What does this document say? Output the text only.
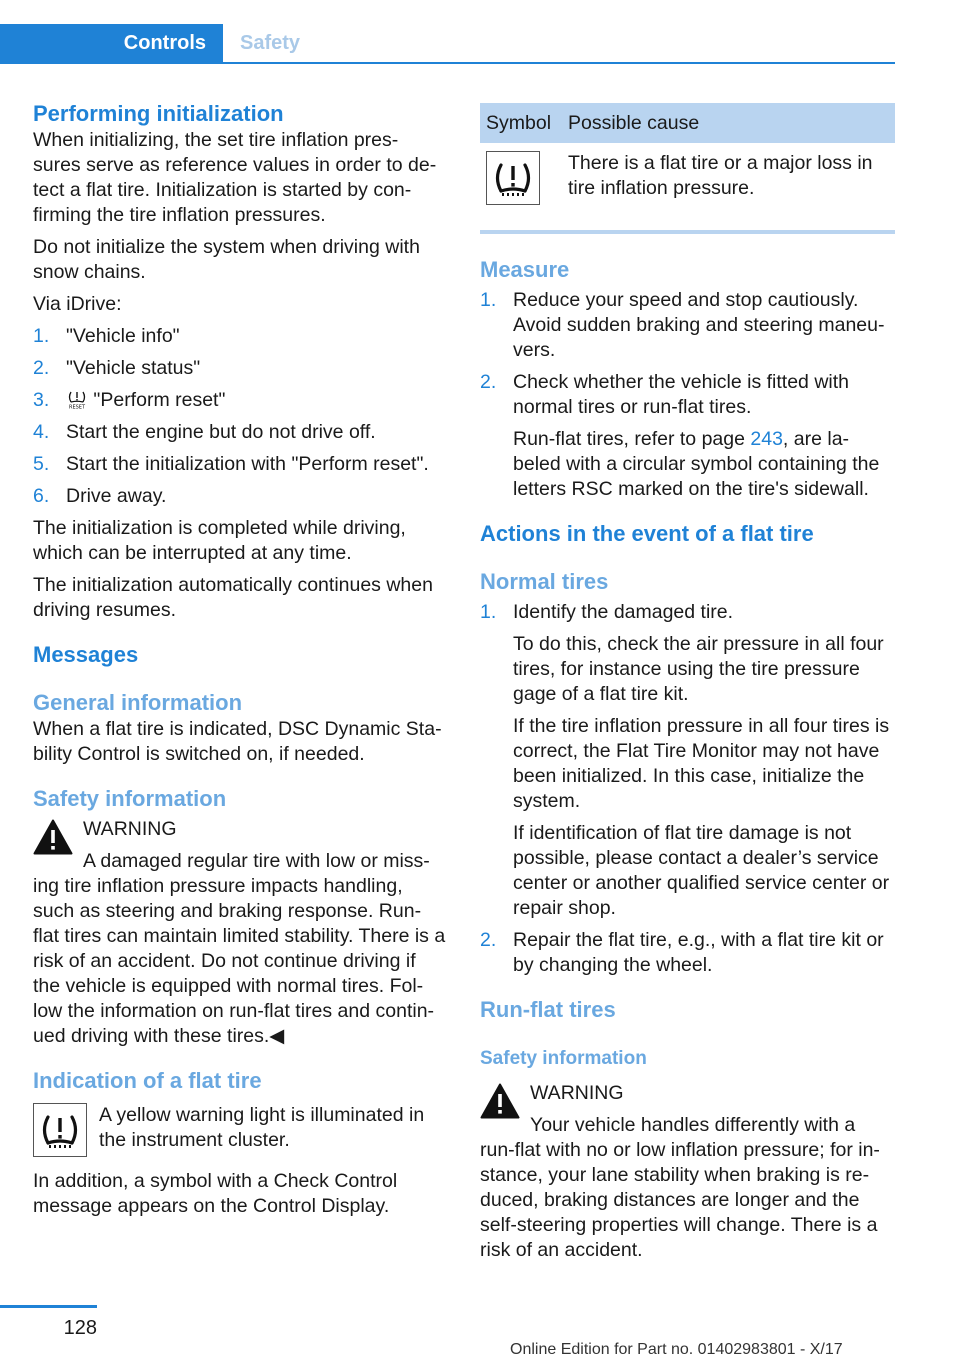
Controls	Safety
Performing initialization

When initializing, the set tire inflation pres‐ sures serve as reference values in order to de‐ tect a flat tire. Initialization is started by con‐ firming the tire inflation pressures.

Do not initialize the system when driving with snow chains.

Via iDrive:

1. "Vehicle info"
2. "Vehicle status"
3.	RESET "Perform reset"
4. Start the engine but do not drive off.
5. Start the initialization with "Perform reset".
6. Drive away.

The initialization is completed while driving, which can be interrupted at any time.

The initialization automatically continues when driving resumes.

Messages
General information

When a flat tire is indicated, DSC Dynamic Sta‐ bility Control is switched on, if needed.

Safety information

WARNING

A damaged regular tire with low or miss‐ ing tire inflation pressure impacts handling, such as steering and braking response. Run- flat tires can maintain limited stability. There is a risk of an accident. Do not continue driving if the vehicle is equipped with normal tires. Fol‐ low the information on run-flat tires and contin‐ ued driving with these tires.◀

Indication of a flat tire

A yellow warning light is illuminated in the instrument cluster.

In addition, a symbol with a Check Control message appears on the Control Display.

Symbol	Possible cause
	There is a flat tire or a major loss in tire inflation pressure.
Measure
1. Reduce your speed and stop cautiously. Avoid sudden braking and steering maneu‐ vers.
2. Check whether the vehicle is fitted with normal tires or run-flat tires.

Run-flat tires, refer to page 243, are la‐ beled with a circular symbol containing the letters RSC marked on the tire's sidewall.

Actions in the event of a flat tire
Normal tires
1. Identify the damaged tire.

To do this, check the air pressure in all four tires, for instance using the tire pressure gage of a flat tire kit.

If the tire inflation pressure in all four tires is correct, the Flat Tire Monitor may not have been initialized. In this case, initialize the system.

If identification of flat tire damage is not possible, please contact a dealer’s service center or another qualified service center or repair shop.

2. Repair the flat tire, e.g., with a flat tire kit or by changing the wheel.
Run-flat tires
Safety information

WARNING

Your vehicle handles differently with a run-flat with no or low inflation pressure; for in‐ stance, your lane stability when braking is re‐ duced, braking distances are longer and the self-steering properties will change. There is a risk of an accident.

128
Online Edition for Part no. 01402983801 - X/17
